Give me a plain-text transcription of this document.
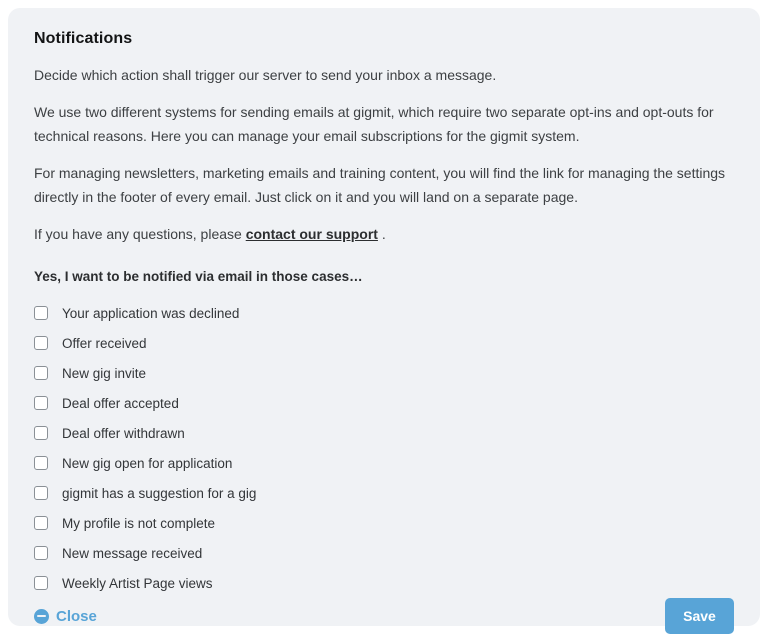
Notifications

Decide which action shall trigger our server to send your inbox a message.

We use two different systems for sending emails at gigmit, which require two separate opt-ins and opt-outs for technical reasons. Here you can manage your email subscriptions for the gigmit system.

For managing newsletters, marketing emails and training content, you will find the link for managing the settings directly in the footer of every email. Just click on it and you will land on a separate page.

If you have any questions, please contact our support .

Yes, I want to be notified via email in those cases…
Your application was declined
Offer received
New gig invite
Deal offer accepted
Deal offer withdrawn
New gig open for application
gigmit has a suggestion for a gig
My profile is not complete
New message received
Weekly Artist Page views
Close	Save
